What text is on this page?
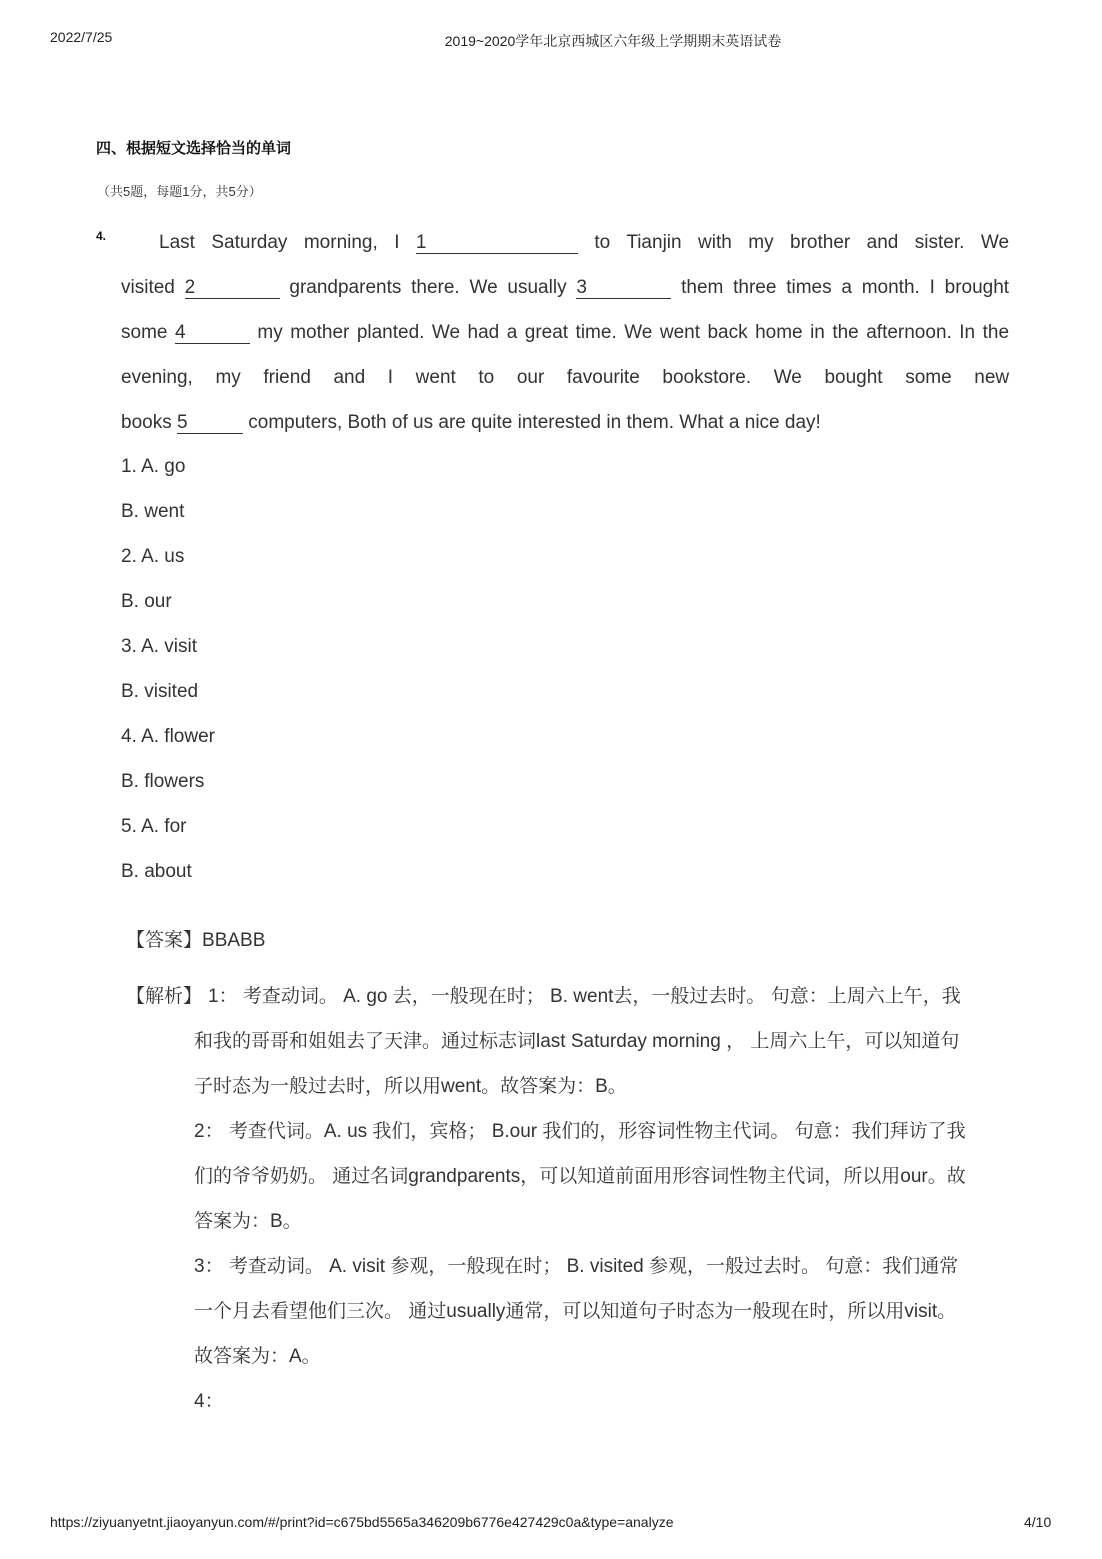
2022/7/25	2019~2020学年北京西城区六年级上学期期末英语试卷
四、根据短文选择恰当的单词
（共5题，每题1分，共5分）
4.	Last Saturday morning, I 1	to Tianjin with my brother and sister. We
visited 2	grandparents there. We usually 3	them three times a month. I brought
some 4	my mother planted. We had a great time. We went back home in the afternoon. In the
evening, my friend and I went to our favourite bookstore. We bought some new
books 5	computers, Both of us are quite interested in them. What a nice day!
1. A. go
B. went
2. A. us
B. our
3. A. visit
B. visited
4. A. flower
B. flowers
5. A. for
B. about
【答案】BBABB
【解析】 1： 考查动词。 A. go 去，一般现在时； B. went去，一般过去时。 句意：上周六上午，我
和我的哥哥和姐姐去了天津。通过标志词last Saturday morning ， 上周六上午，可以知道句
子时态为一般过去时，所以用went。故答案为：B。
2： 考查代词。A. us 我们，宾格； B.our 我们的，形容词性物主代词。 句意：我们拜访了我
们的爷爷奶奶。 通过名词grandparents，可以知道前面用形容词性物主代词，所以用our。故
答案为：B。
3： 考查动词。 A. visit 参观，一般现在时； B. visited 参观，一般过去时。 句意：我们通常
一个月去看望他们三次。 通过usually通常，可以知道句子时态为一般现在时，所以用visit。
故答案为：A。
4：
https://ziyuanyetnt.jiaoyanyun.com/#/print?id=c675bd5565a346209b6776e427429c0a&type=analyze	4/10
